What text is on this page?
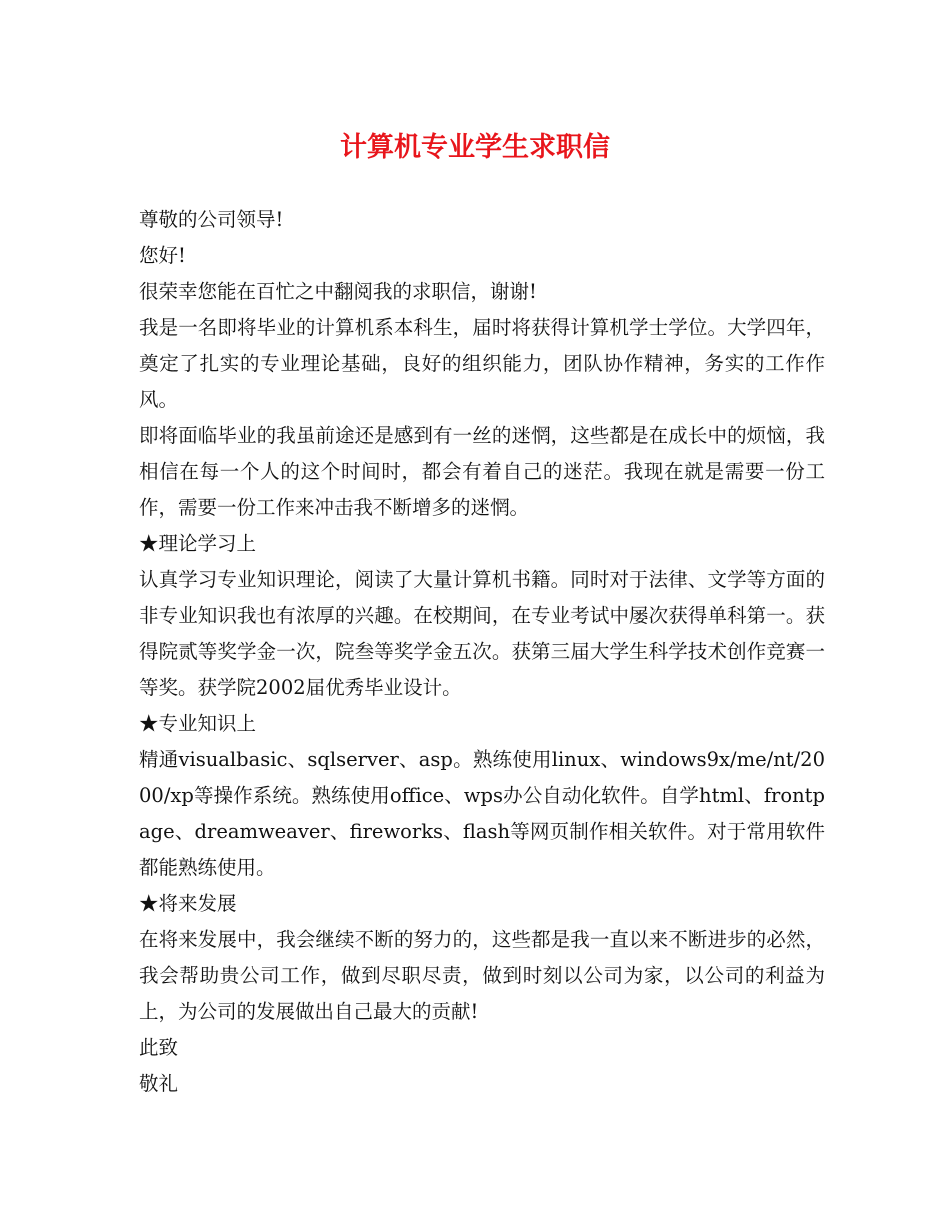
计算机专业学生求职信

尊敬的公司领导!

您好!

很荣幸您能在百忙之中翻阅我的求职信，谢谢!

我是一名即将毕业的计算机系本科生，届时将获得计算机学士学位。大学四年，奠定了扎实的专业理论基础，良好的组织能力，团队协作精神，务实的工作作风。

即将面临毕业的我虽前途还是感到有一丝的迷惘，这些都是在成长中的烦恼，我相信在每一个人的这个时间时，都会有着自己的迷茫。我现在就是需要一份工作，需要一份工作来冲击我不断增多的迷惘。

★理论学习上

认真学习专业知识理论，阅读了大量计算机书籍。同时对于法律、文学等方面的非专业知识我也有浓厚的兴趣。在校期间，在专业考试中屡次获得单科第一。获得院贰等奖学金一次，院叁等奖学金五次。获第三届大学生科学技术创作竞赛一等奖。获学院2002届优秀毕业设计。

★专业知识上

精通visualbasic、sqlserver、asp。熟练使用linux、windows9x/me/nt/2000/xp等操作系统。熟练使用office、wps办公自动化软件。自学html、frontpage、dreamweaver、fireworks、flash等网页制作相关软件。对于常用软件都能熟练使用。

★将来发展

在将来发展中，我会继续不断的努力的，这些都是我一直以来不断进步的必然，我会帮助贵公司工作，做到尽职尽责，做到时刻以公司为家，以公司的利益为上，为公司的发展做出自己最大的贡献!

此致

敬礼
